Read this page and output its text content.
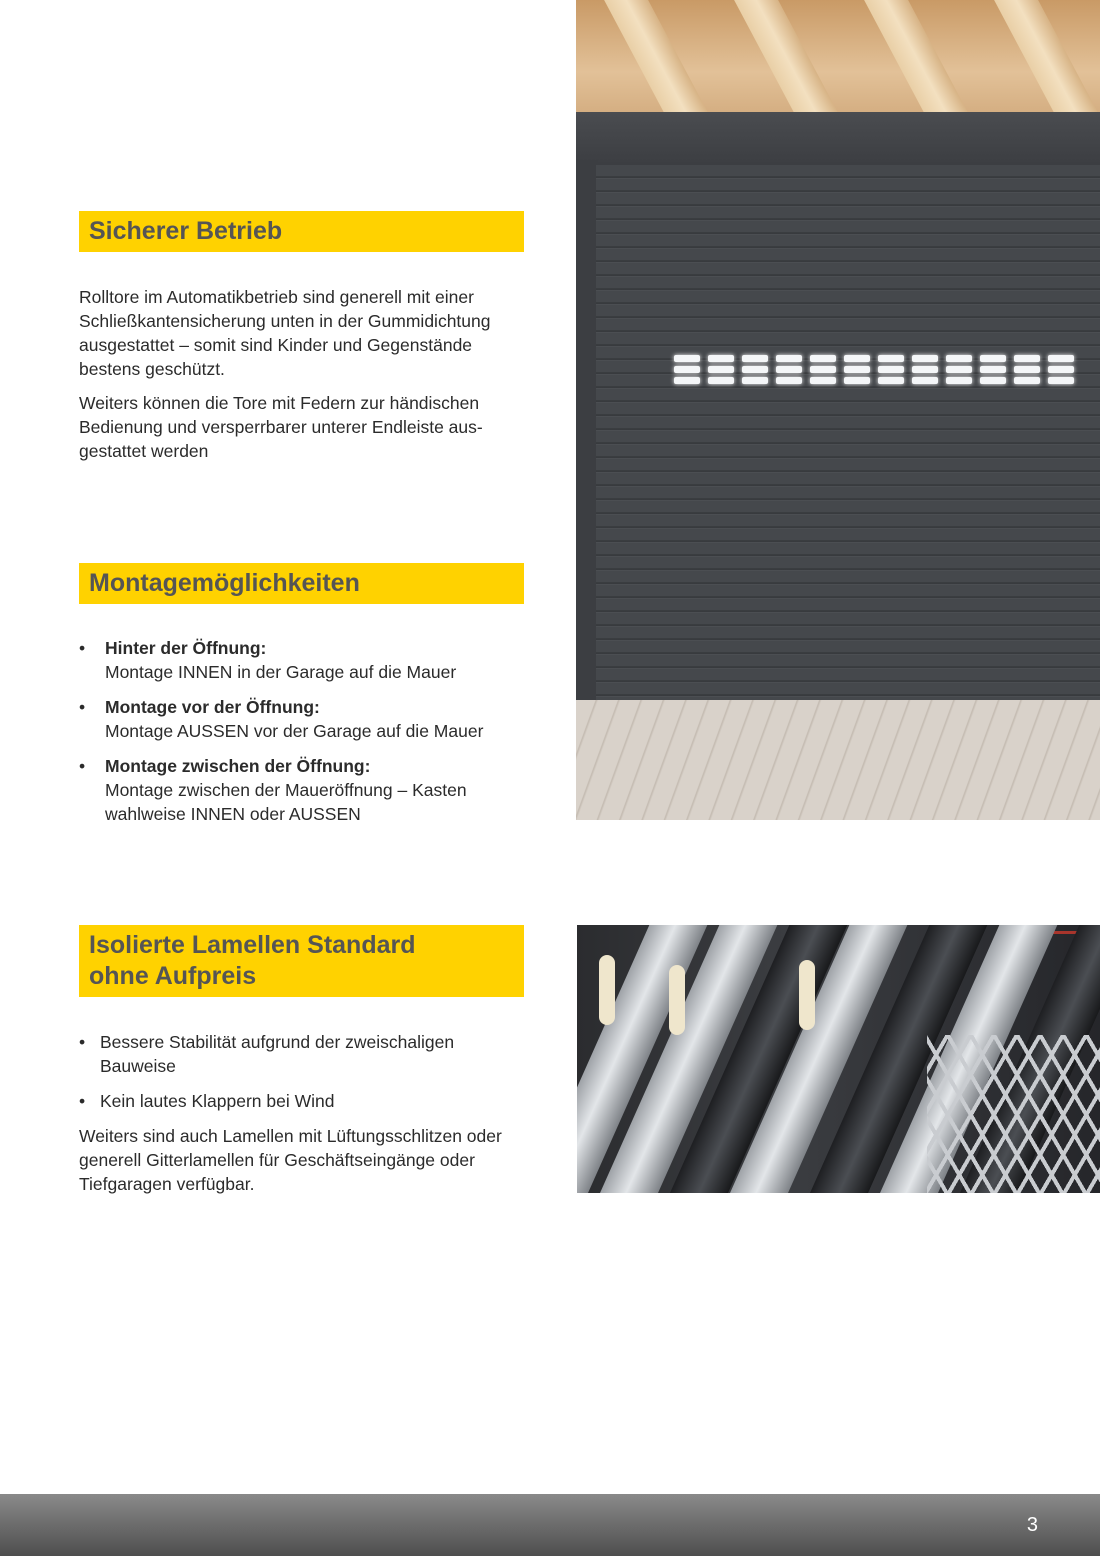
Sicherer Betrieb

Rolltore im Automatikbetrieb sind generell mit einer Schließkantensicherung unten in der Gummidichtung ausgestattet – somit sind Kinder und Gegenstände bestens geschützt.

Weiters können die Tore mit Federn zur händischen Bedienung und versperrbarer unterer Endleiste aus-gestattet werden

Montagemöglichkeiten
• Hinter der Öffnung:
Montage INNEN in der Garage auf die Mauer
• Montage vor der Öffnung:
Montage AUSSEN vor der Garage auf die Mauer
• Montage zwischen der Öffnung:
Montage zwischen der Maueröffnung – Kasten wahlweise INNEN oder AUSSEN
Isolierte Lamellen Standard
ohne Aufpreis
• Bessere Stabilität aufgrund der zweischaligen Bauweise
• Kein lautes Klappern bei Wind

Weiters sind auch Lamellen mit Lüftungsschlitzen oder generell Gitterlamellen für Geschäftseingänge oder Tiefgaragen verfügbar.

3
